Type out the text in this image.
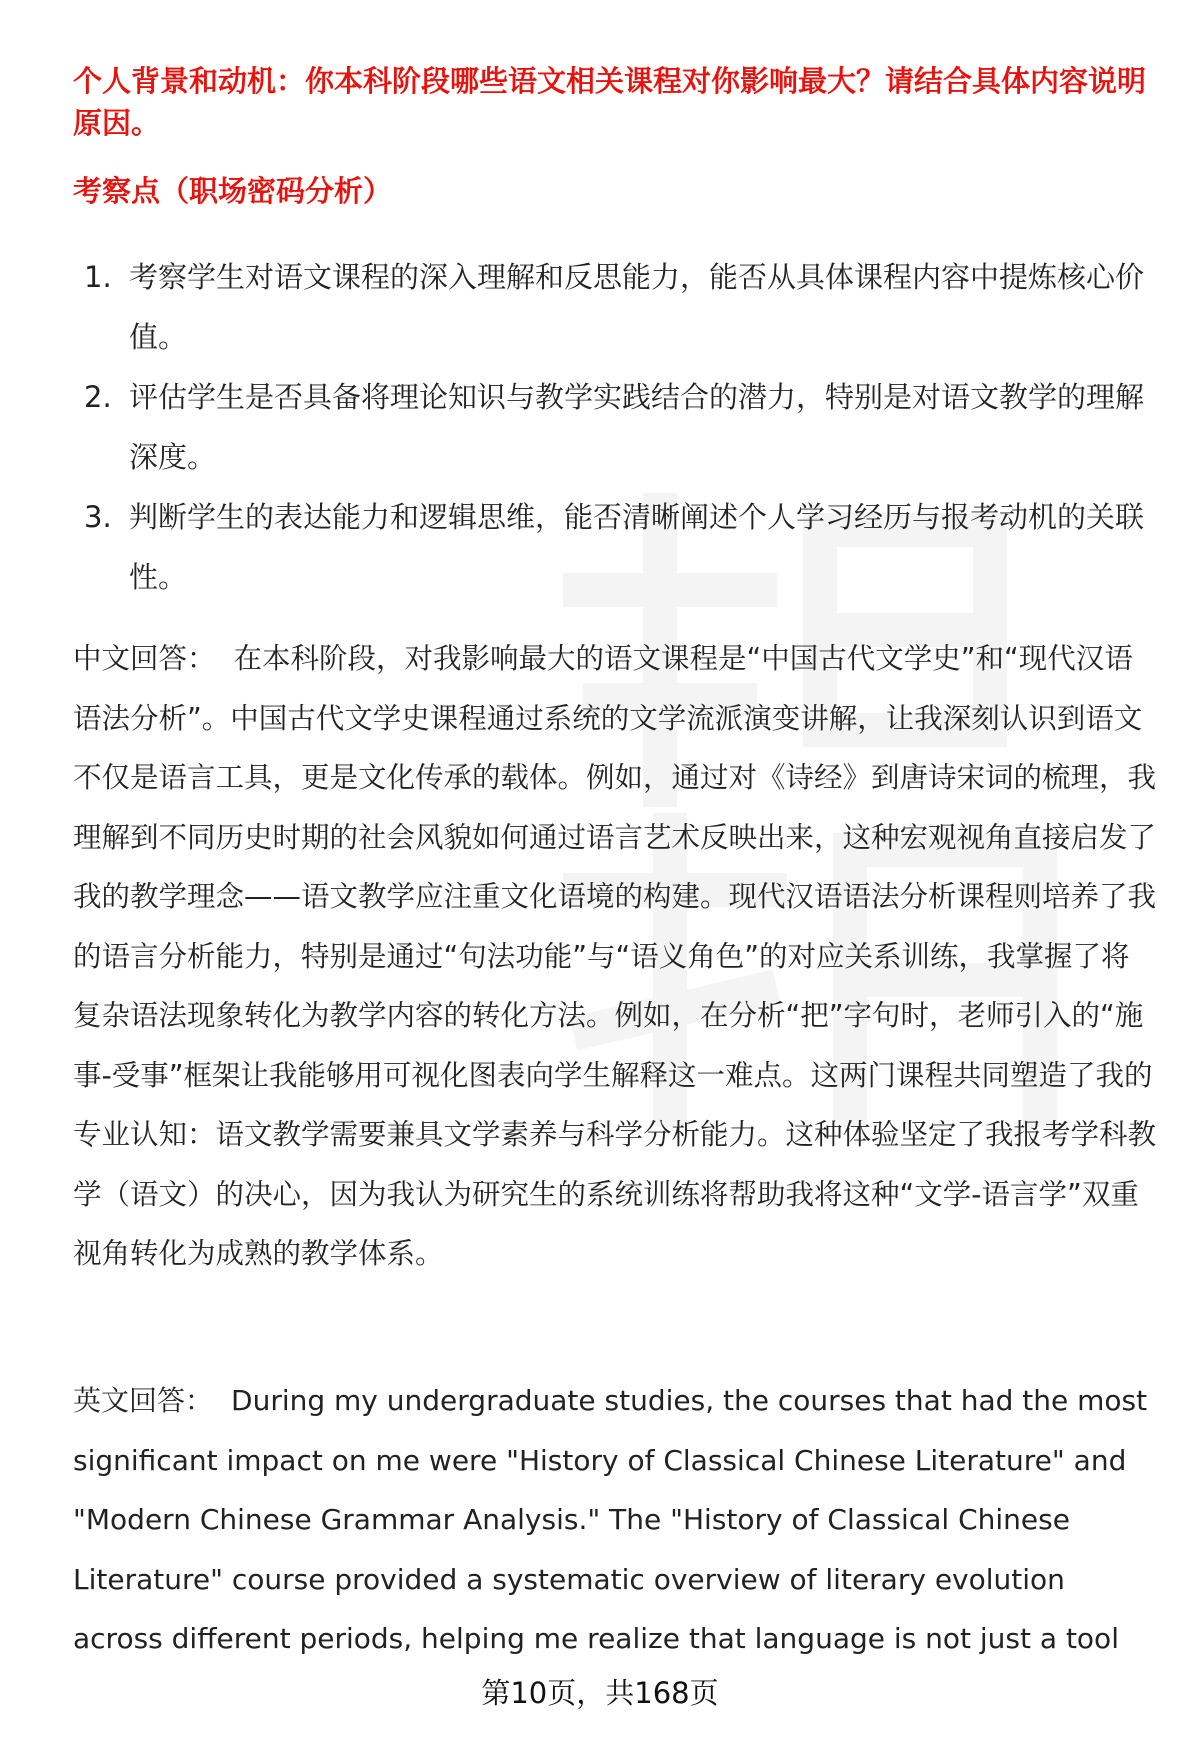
个人背景和动机：你本科阶段哪些语文相关课程对你影响最大？请结合具体内容说明原因。
考察点（职场密码分析）
1. 考察学生对语文课程的深入理解和反思能力，能否从具体课程内容中提炼核心价值。
2. 评估学生是否具备将理论知识与教学实践结合的潜力，特别是对语文教学的理解深度。
3. 判断学生的表达能力和逻辑思维，能否清晰阐述个人学习经历与报考动机的关联性。

中文回答： 在本科阶段，对我影响最大的语文课程是“中国古代文学史”和“现代汉语语法分析”。中国古代文学史课程通过系统的文学流派演变讲解，让我深刻认识到语文不仅是语言工具，更是文化传承的载体。例如，通过对《诗经》到唐诗宋词的梳理，我理解到不同历史时期的社会风貌如何通过语言艺术反映出来，这种宏观视角直接启发了我的教学理念——语文教学应注重文化语境的构建。现代汉语语法分析课程则培养了我的语言分析能力，特别是通过“句法功能”与“语义角色”的对应关系训练，我掌握了将复杂语法现象转化为教学内容的转化方法。例如，在分析“把”字句时，老师引入的“施事-受事”框架让我能够用可视化图表向学生解释这一难点。这两门课程共同塑造了我的专业认知：语文教学需要兼具文学素养与科学分析能力。这种体验坚定了我报考学科教学（语文）的决心，因为我认为研究生的系统训练将帮助我将这种“文学-语言学”双重视角转化为成熟的教学体系。

英文回答： During my undergraduate studies, the courses that had the most significant impact on me were "History of Classical Chinese Literature" and "Modern Chinese Grammar Analysis." The "History of Classical Chinese Literature" course provided a systematic overview of literary evolution across different periods, helping me realize that language is not just a tool

第10页，共168页
